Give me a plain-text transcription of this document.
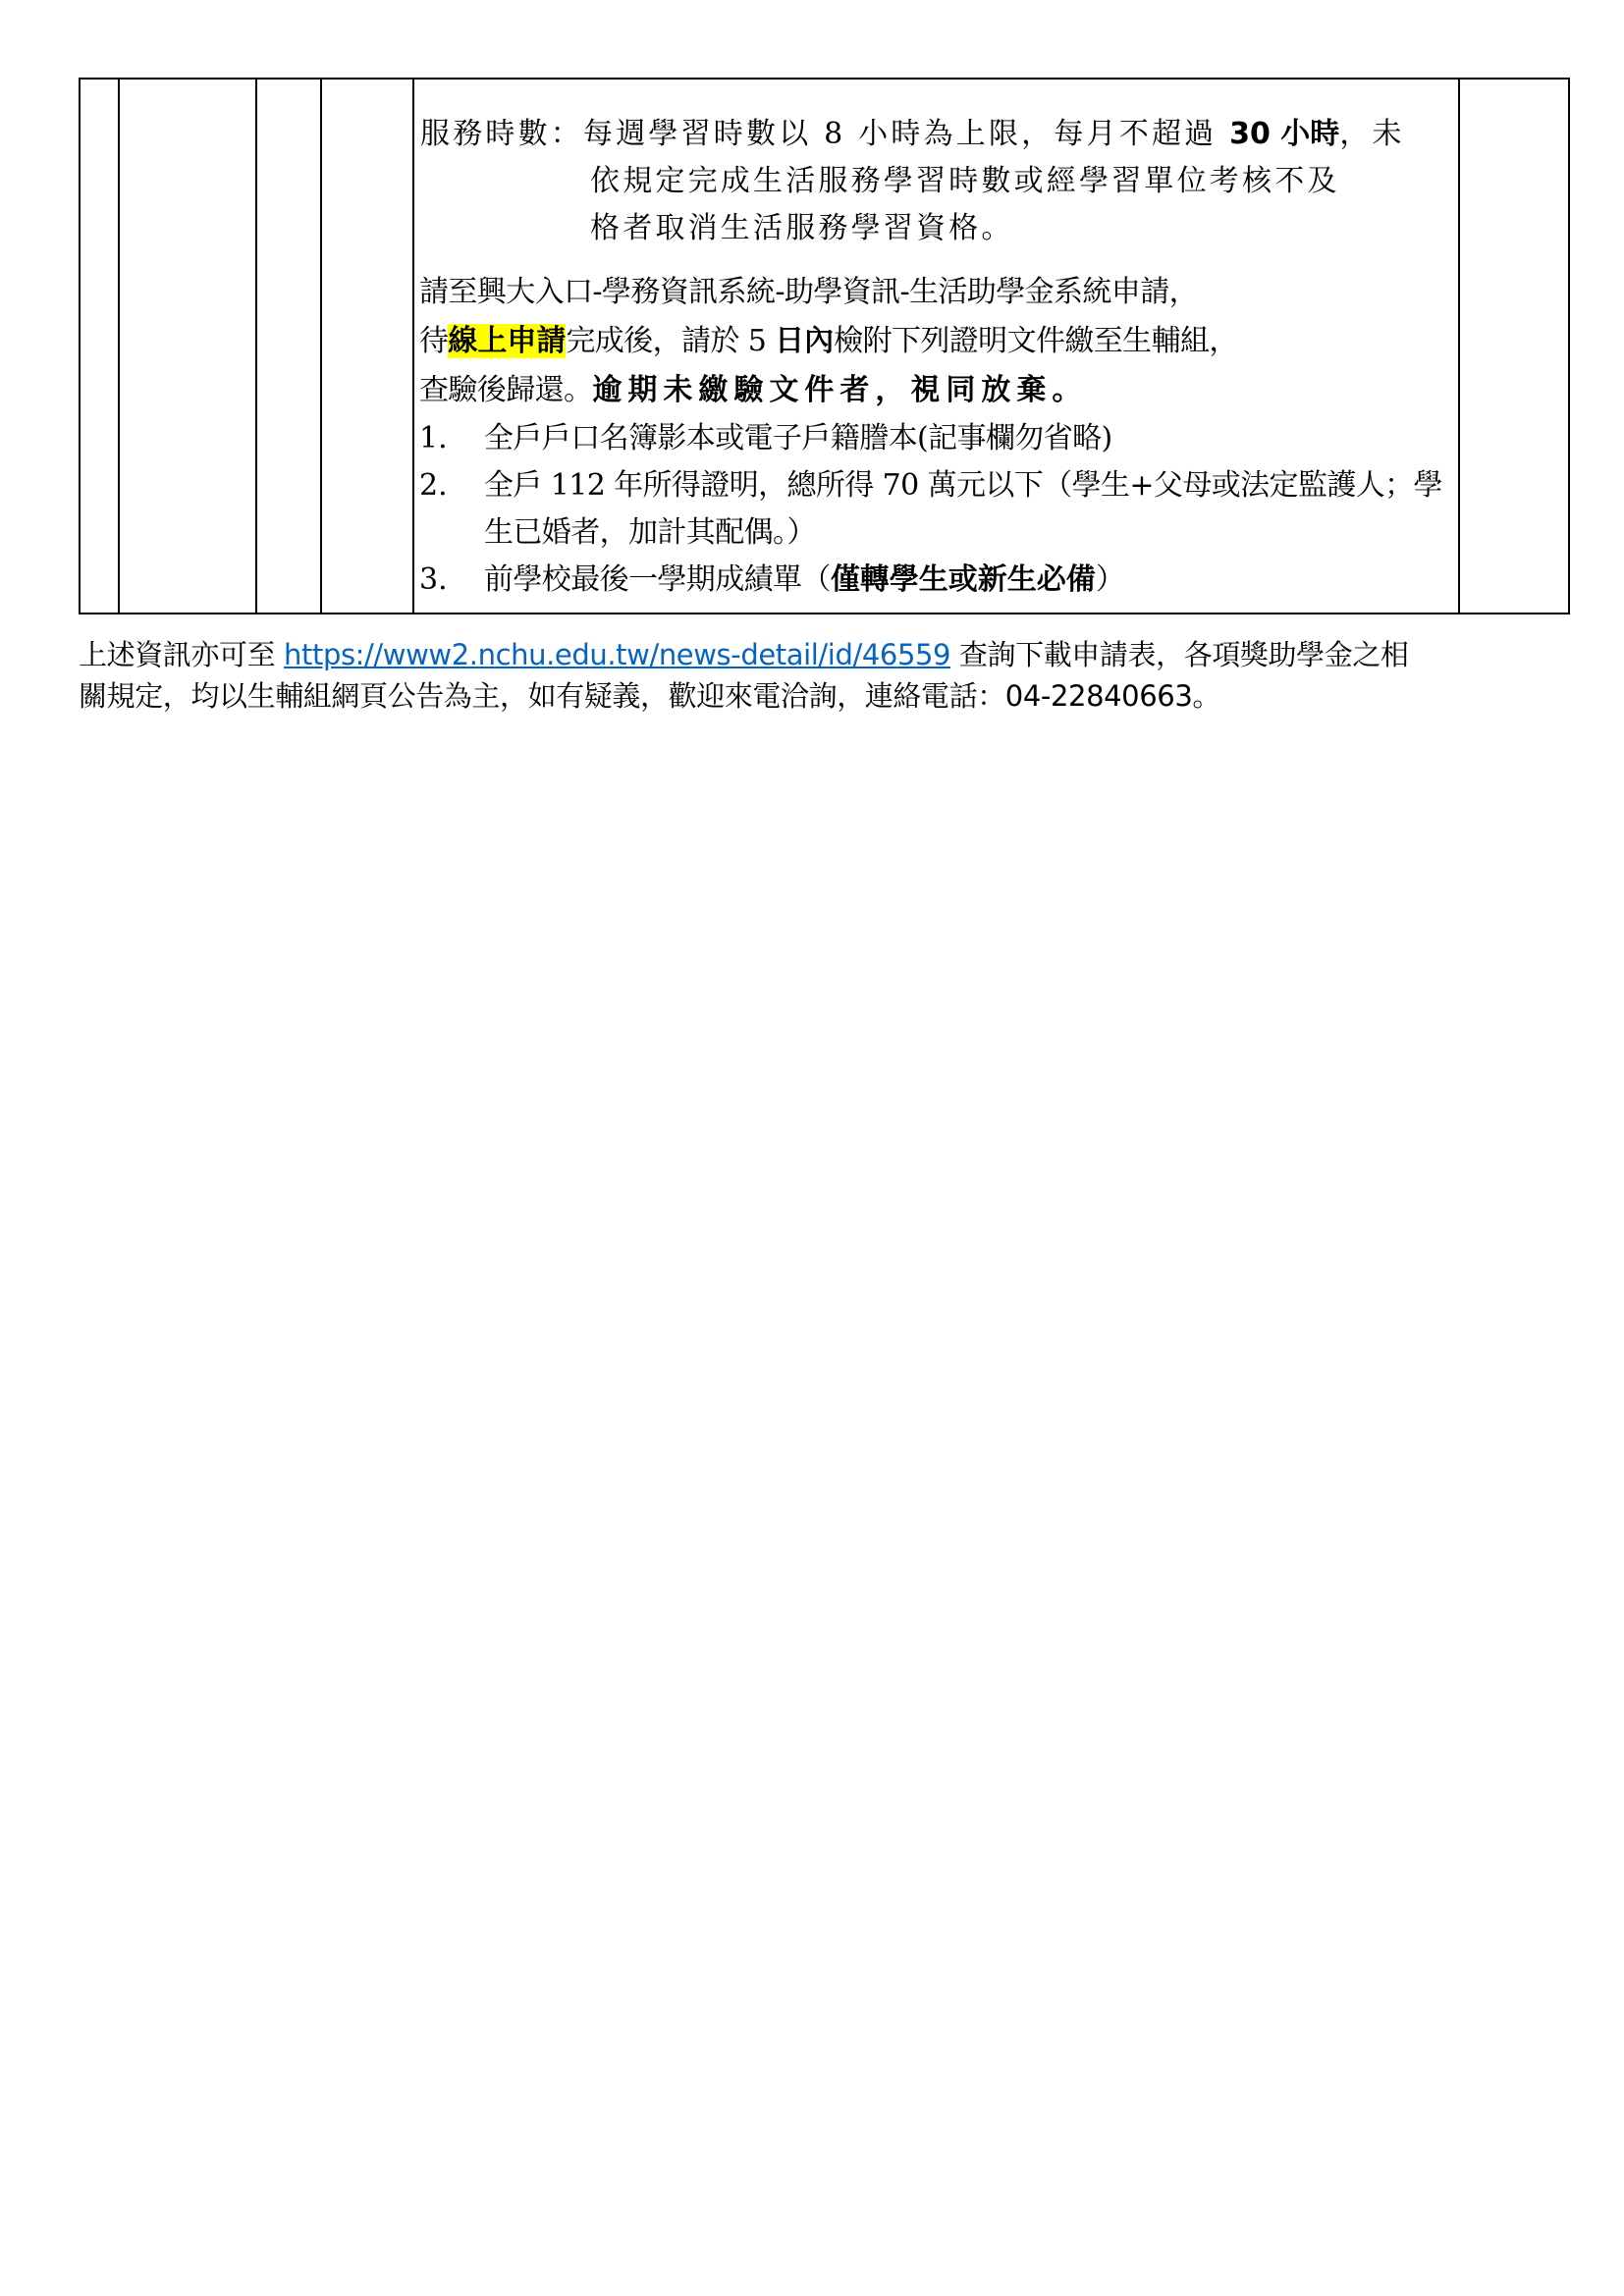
服務時數：每週學習時數以 8 小時為上限，每月不超過 30 小時，未
依規定完成生活服務學習時數或經學習單位考核不及
格者取消生活服務學習資格。
請至興大入口-學務資訊系統-助學資訊-生活助學金系統申請，
待線上申請完成後，請於 5 日內檢附下列證明文件繳至生輔組，
查驗後歸還。逾期未繳驗文件者，視同放棄。
1.	全戶戶口名簿影本或電子戶籍謄本(記事欄勿省略)
2.	全戶 112 年所得證明，總所得 70 萬元以下（學生+父母或法定監護人；學生已婚者，加計其配偶。）
3.	前學校最後一學期成績單（僅轉學生或新生必備）

上述資訊亦可至 https://www2.nchu.edu.tw/news-detail/id/46559 查詢下載申請表，各項獎助學金之相
關規定，均以生輔組網頁公告為主，如有疑義，歡迎來電洽詢，連絡電話：04-22840663。
